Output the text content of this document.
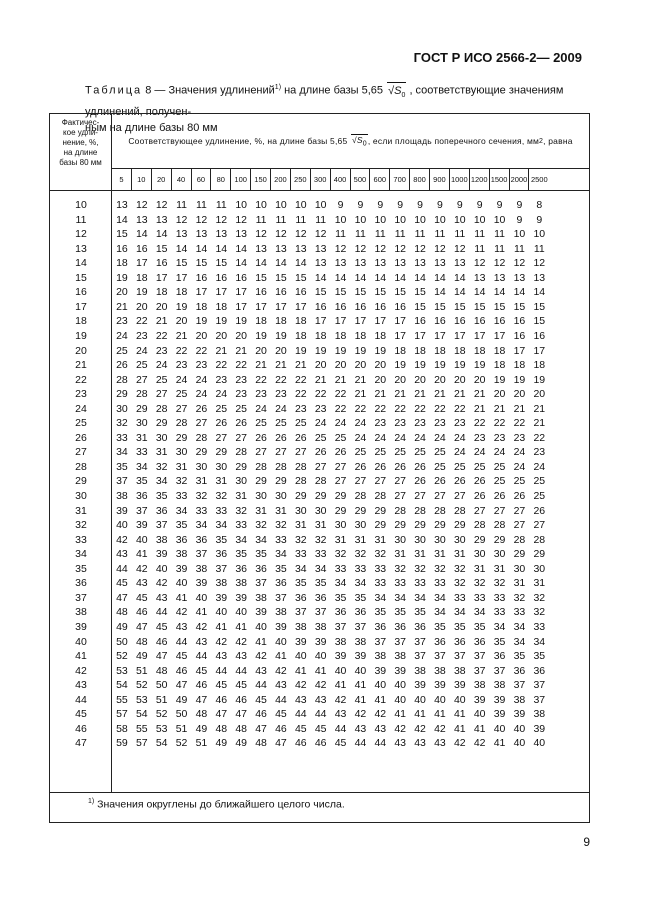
ГОСТ Р ИСО 2566-2— 2009
Таблица 8 — Значения удлинений$^{1)}$ на длине базы 5,65 $√S_0$ , соответствующие значениям удлинений, получен-
ным на длине базы 80 мм
Фактичес-
кое удли-
нение, %,
на длине
базы 80 мм
Соответствующее удлинение, %, на длине базы 5,65
$√S_0$ , если площадь поперечного сечения, мм 2 , равна
5	10	20	40	60	80	100 150 200 250 300 400 500 600 700 800 900 1000 1200 1500 2000 2500
10	13 12 12 11 11 11 10 10 10 10 10	9	9	9	9	9	9	9	9	9	9	8
11	14 13 13 12 12 12 12 11 11 11 11 10 10 10 10 10 10 10 10 10	9	9
12	15 14 14 13 13 13 13 12 12 12 12 11 11 11 11 11 11 11 11 11 10 10
13	16 16 15 14 14 14 14 13 13 13 13 12 12 12 12 12 12 12 11 11 11 11
14	18 17 16 15 15 15 14 14 14 14 13 13 13 13 13 13 13 13 12 12 12 12
15	19 18 17 17 16 16 16 15 15 15 14 14 14 14 14 14 14 14 13 13 13 13
16	20 19 18 18 17 17 17 16 16 16 15 15 15 15 15 15 14 14 14 14 14 14
17	21 20 20 19 18 18 17 17 17 17 16 16 16 16 16 15 15 15 15 15 15 15
18	23 22 21 20 19 19 19 18 18 18 17 17 17 17 17 16 16 16 16 16 16 15
19	24 23 22 21 20 20 20 19 19 18 18 18 18 18 17 17 17 17 17 17 16 16
20	25 24 23 22 22 21 21 20 20 19 19 19 19 19 18 18 18 18 18 18 17 17
21	26 25 24 23 23 22 22 21 21 21 20 20 20 20 19 19 19 19 19 18 18 18
22	28 27 25 24 24 23 23 22 22 22 21 21 21 20 20 20 20 20 20 19 19 19
23	29 28 27 25 24 24 23 23 23 22 22 22 21 21 21 21 21 21 21 20 20 20
24	30 29 28 27 26 25 25 24 24 23 23 22 22 22 22 22 22 22 21 21 21 21
25	32 30 29 28 27 26 26 25 25 25 24 24 24 23 23 23 23 23 22 22 22 21
26	33 31 30 29 28 27 27 26 26 26 25 25 24 24 24 24 24 24 23 23 23 22
27	34 33 31 30 29 29 28 27 27 27 26 26 25 25 25 25 25 24 24 24 24 23
28	35 34 32 31 30 30 29 28 28 28 27 27 26 26 26 26 25 25 25 25 24 24
29	37 35 34 32 31 31 30 29 29 28 28 27 27 27 27 26 26 26 26 25 25 25
30	38 36 35 33 32 32 31 30 30 29 29 29 28 28 27 27 27 27 26 26 26 25
31	39 37 36 34 33 33 32 31 31 30 30 29 29 29 28 28 28 28 27 27 27 26
32	40 39 37 35 34 34 33 32 32 31 31 30 30 29 29 29 29 29 28 28 27 27
33	42 40 38 36 36 35 34 34 33 32 32 31 31 31 30 30 30 30 29 29 28 28
34	43 41 39 38 37 36 35 35 34 33 33 32 32 32 31 31 31 31 30 30 29 29
35	44 42 40 39 38 37 36 36 35 34 34 33 33 33 32 32 32 32 31 31 30 30
36	45 43 42 40 39 38 38 37 36 35 35 34 34 33 33 33 33 32 32 32 31 31
37	47 45 43 41 40 39 39 38 37 36 36 35 35 34 34 34 34 33 33 33 32 32
38	48 46 44 42 41 40 40 39 38 37 37 36 36 35 35 35 34 34 34 33 33 32
39	49 47 45 43 42 41 41 40 39 38 38 37 37 36 36 36 35 35 35 34 34 33
40	50 48 46 44 43 42 42 41 40 39 39 38 38 37 37 37 36 36 36 35 34 34
41	52 49 47 45 44 43 43 42 41 40 40 39 39 38 38 37 37 37 37 36 35 35
42	53 51 48 46 45 44 44 43 42 41 41 40 40 39 39 38 38 38 37 37 36 36
43	54 52 50 47 46 45 45 44 43 42 42 41 41 40 40 39 39 39 38 38 37 37
44	55 53 51 49 47 46 46 45 44 43 43 42 41 41 40 40 40 40 39 39 38 37
45	57 54 52 50 48 47 47 46 45 44 44 43 42 42 41 41 41 41 40 39 39 38
46	58 55 53 51 49 48 48 47 46 45 45 44 43 43 42 42 42 41 41 40 40 39
47	59 57 54 52 51 49 49 48 47 46 46 45 44 44 43 43 43 42 42 41 40 40
$^{1)}$ Значения округлены до ближайшего целого числа.
9
